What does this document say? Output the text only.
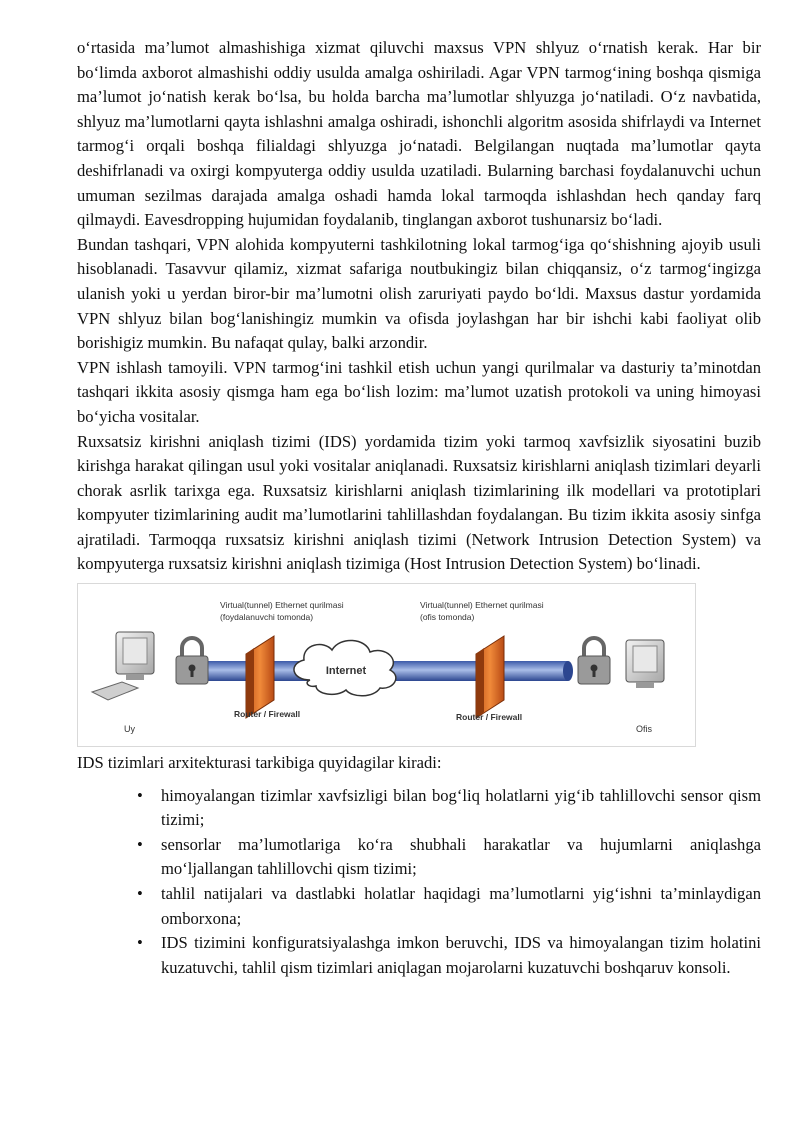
o‘rtasida ma’lumot almashishiga xizmat qiluvchi maxsus VPN shlyuz o‘rnatish kerak. Har bir bo‘limda axborot almashishi oddiy usulda amalga oshiriladi. Agar VPN tarmog‘ining boshqa qismiga ma’lumot jo‘natish kerak bo‘lsa, bu holda barcha ma’lumotlar shlyuzga jo‘natiladi. O‘z navbatida, shlyuz ma’lumotlarni qayta ishlashni amalga oshiradi, ishonchli algoritm asosida shifrlaydi va Internet tarmog‘i orqali boshqa filialdagi shlyuzga jo‘natadi. Belgilangan nuqtada ma’lumotlar qayta deshifrlanadi va oxirgi kompyuterga oddiy usulda uzatiladi. Bularning barchasi foydalanuvchi uchun umuman sezilmas darajada amalga oshadi hamda lokal tarmoqda ishlashdan hech qanday farq qilmaydi. Eavesdropping hujumidan foydalanib, tinglangan axborot tushunarsiz bo‘ladi.

Bundan tashqari, VPN alohida kompyuterni tashkilotning lokal tarmog‘iga qo‘shishning ajoyib usuli hisoblanadi. Tasavvur qilamiz, xizmat safariga noutbukingiz bilan chiqqansiz, o‘z tarmog‘ingizga ulanish yoki u yerdan biror-bir ma’lumotni olish zaruriyati paydo bo‘ldi. Maxsus dastur yordamida VPN shlyuz bilan bog‘lanishingiz mumkin va ofisda joylashgan har bir ishchi kabi faoliyat olib borishigiz mumkin. Bu nafaqat qulay, balki arzondir.

VPN ishlash tamoyili. VPN tarmog‘ini tashkil etish uchun yangi qurilmalar va dasturiy ta’minotdan tashqari ikkita asosiy qismga ham ega bo‘lish lozim: ma’lumot uzatish protokoli va uning himoyasi bo‘yicha vositalar.

Ruxsatsiz kirishni aniqlash tizimi (IDS) yordamida tizim yoki tarmoq xavfsizlik siyosatini buzib kirishga harakat qilingan usul yoki vositalar aniqlanadi. Ruxsatsiz kirishlarni aniqlash tizimlari deyarli chorak asrlik tarixga ega. Ruxsatsiz kirishlarni aniqlash tizimlarining ilk modellari va prototiplari kompyuter tizimlarining audit ma’lumotlarini tahlillashdan foydalangan. Bu tizim ikkita asosiy sinfga ajratiladi. Tarmoqqa ruxsatsiz kirishni aniqlash tizimi (Network Intrusion Detection System) va kompyuterga ruxsatsiz kirishni aniqlash tizimiga (Host Intrusion Detection System) bo‘linadi.

Internet
Virtual(tunnel) Ethernet qurilmasi
(foydalanuvchi tomonda)
Virtual(tunnel) Ethernet qurilmasi
(ofis tomonda)
Router / Firewall	Router / Firewall
Uy	Ofis

IDS tizimlari arxitekturasi tarkibiga quyidagilar kiradi:

• himoyalangan tizimlar xavfsizligi bilan bog‘liq holatlarni yig‘ib tahlillovchi sensor qism tizimi;
• sensorlar ma’lumotlariga ko‘ra shubhali harakatlar va hujumlarni aniqlashga mo‘ljallangan tahlillovchi qism tizimi;
• tahlil natijalari va dastlabki holatlar haqidagi ma’lumotlarni yig‘ishni ta’minlaydigan omborxona;
• IDS tizimini konfiguratsiyalashga imkon beruvchi, IDS va himoyalangan tizim holatini kuzatuvchi, tahlil qism tizimlari aniqlagan mojarolarni kuzatuvchi boshqaruv konsoli.
